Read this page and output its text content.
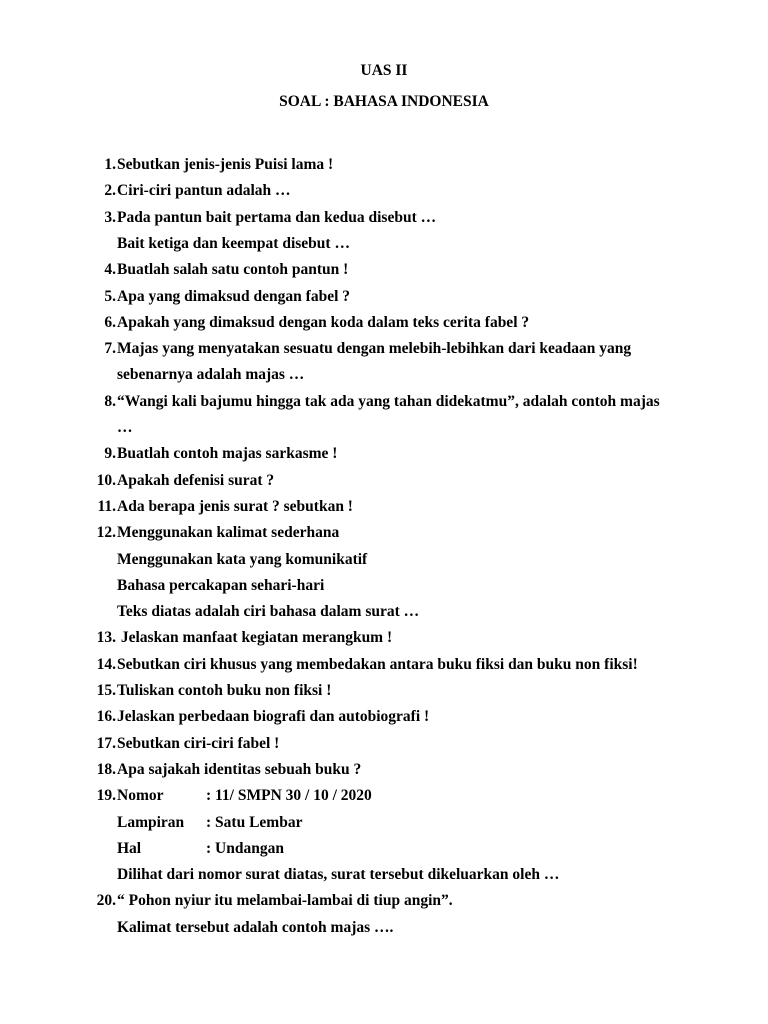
UAS II
SOAL : BAHASA INDONESIA
1. Sebutkan jenis-jenis Puisi lama !
2. Ciri-ciri pantun adalah …
3. Pada pantun bait pertama dan kedua disebut …
Bait ketiga dan keempat disebut …
4. Buatlah salah satu contoh pantun !
5. Apa yang dimaksud dengan fabel ?
6. Apakah yang dimaksud dengan koda dalam teks cerita fabel ?
7. Majas yang menyatakan sesuatu dengan melebih-lebihkan dari keadaan yang
sebenarnya adalah majas …
8. “Wangi kali bajumu hingga tak ada yang tahan didekatmu”, adalah contoh majas
…
9. Buatlah contoh majas sarkasme !
10. Apakah defenisi surat ?
11. Ada berapa jenis surat ? sebutkan !
12. Menggunakan kalimat sederhana
Menggunakan kata yang komunikatif
Bahasa percakapan sehari-hari
Teks diatas adalah ciri bahasa dalam surat …
13. Jelaskan manfaat kegiatan merangkum !
14. Sebutkan ciri khusus yang membedakan antara buku fiksi dan buku non fiksi!
15. Tuliskan contoh buku non fiksi !
16. Jelaskan perbedaan biografi dan autobiografi !
17. Sebutkan ciri-ciri fabel !
18. Apa sajakah identitas sebuah buku ?
19. Nomor	: 11/ SMPN 30 / 10 / 2020
Lampiran : Satu Lembar
Hal	: Undangan
Dilihat dari nomor surat diatas, surat tersebut dikeluarkan oleh …
20. “ Pohon nyiur itu melambai-lambai di tiup angin”.
Kalimat tersebut adalah contoh majas ….
